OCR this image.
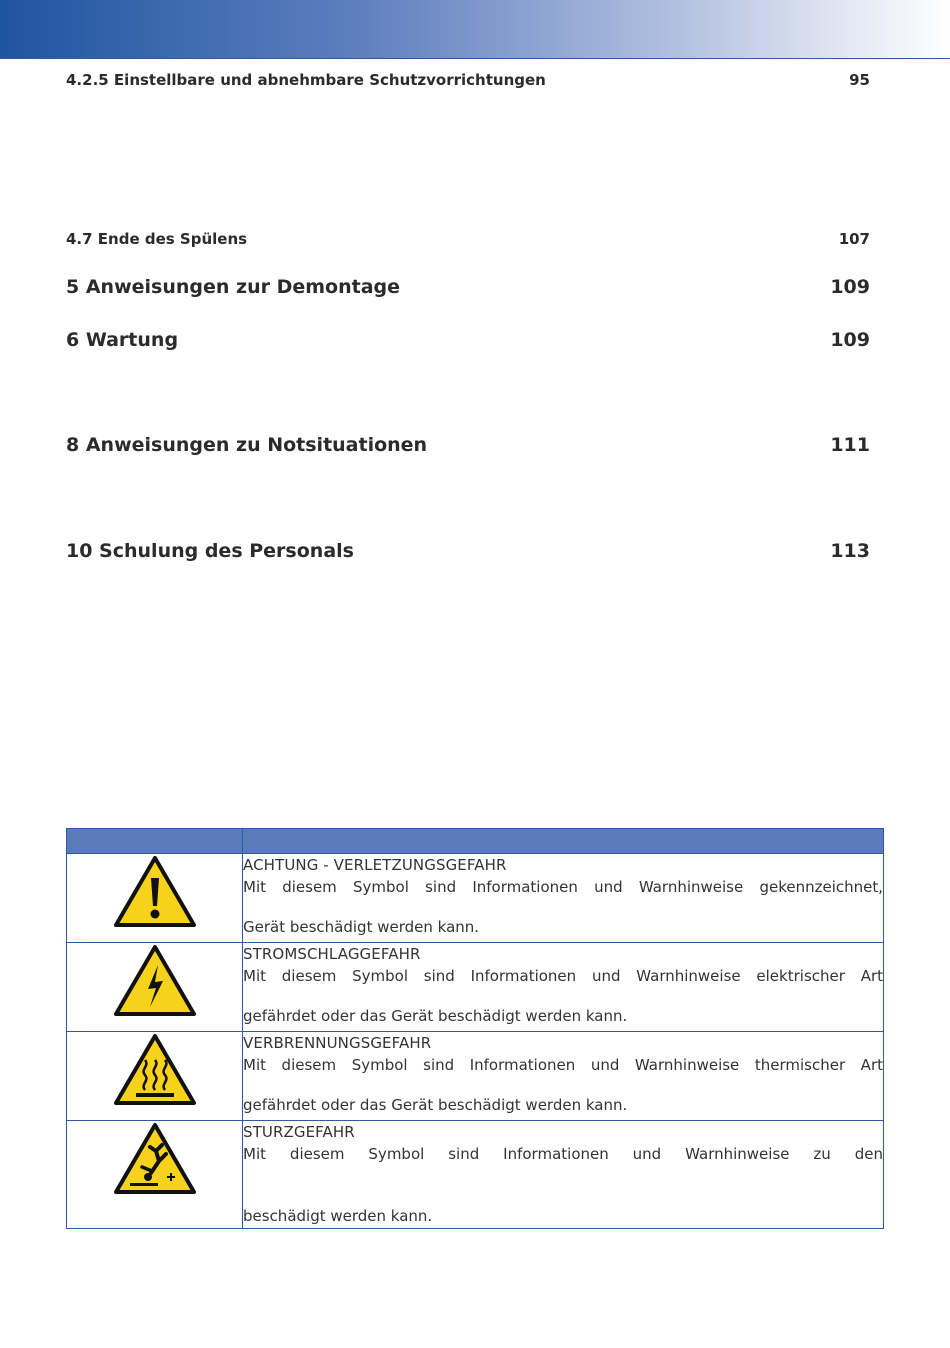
4.2.5 Einstellbare und abnehmbare Schutzvorrichtungen	95
4.7 Ende des Spülens	107
5 Anweisungen zur Demontage	109
6 Wartung	109
8 Anweisungen zu Notsituationen	111
10 Schulung des Personals	113

ACHTUNG - VERLETZUNGSGEFAHR
Mit diesem Symbol sind Informationen und Warnhinweise gekennzeichnet,
Gerät beschädigt werden kann.

STROMSCHLAGGEFAHR
Mit diesem Symbol sind Informationen und Warnhinweise elektrischer Art
gefährdet oder das Gerät beschädigt werden kann.

VERBRENNUNGSGEFAHR
Mit diesem Symbol sind Informationen und Warnhinweise thermischer Art
gefährdet oder das Gerät beschädigt werden kann.

STURZGEFAHR
Mit diesem Symbol sind Informationen und Warnhinweise zu den
beschädigt werden kann.
